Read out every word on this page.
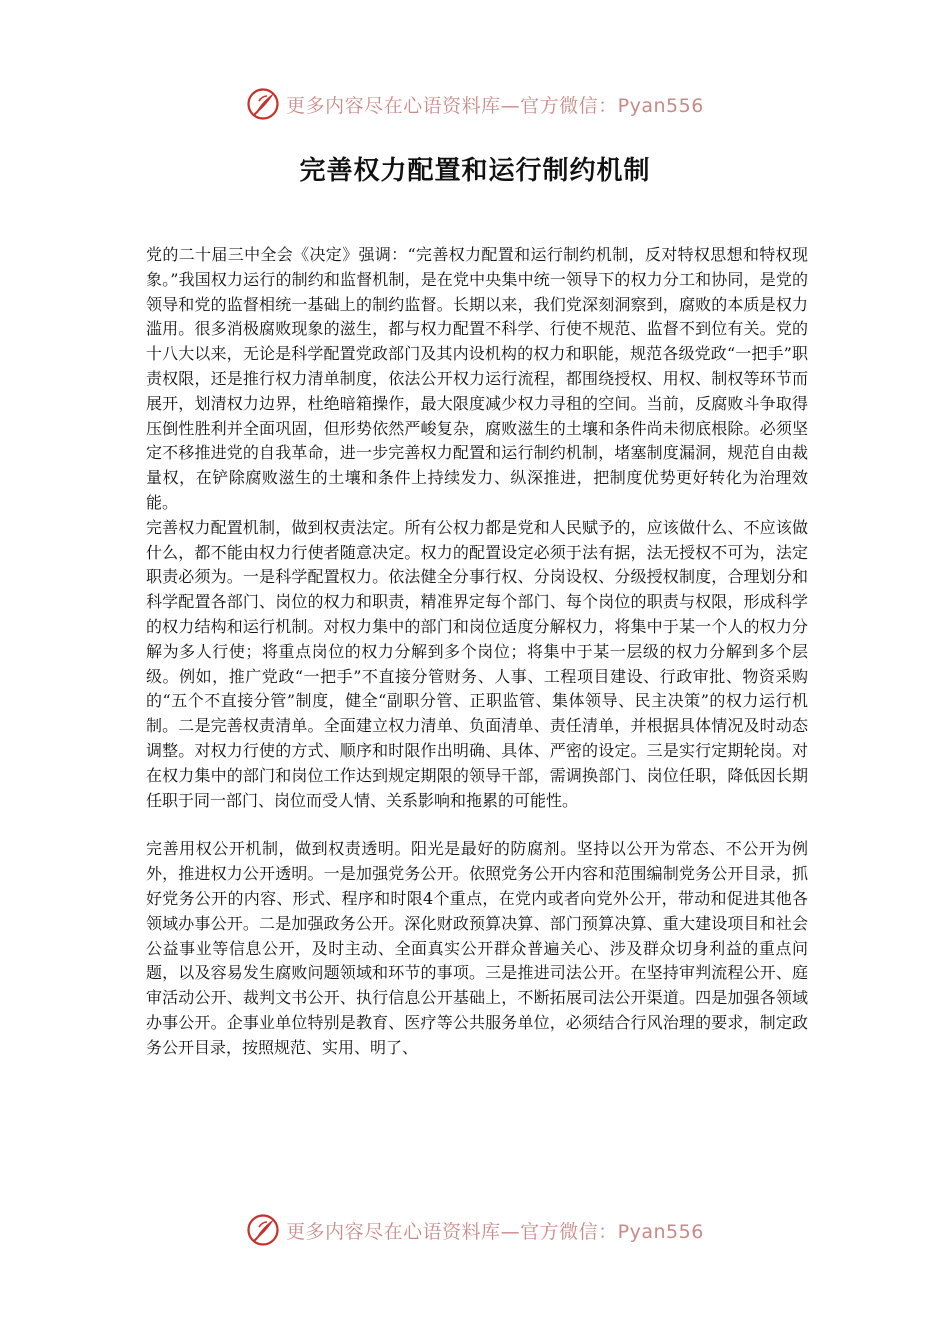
更多内容尽在心语资料库—官方微信：Pyan556
完善权力配置和运行制约机制

党的二十届三中全会《决定》强调：“完善权力配置和运行制约机制，反对特权思想和特权现象。”我国权力运行的制约和监督机制，是在党中央集中统一领导下的权力分工和协同，是党的领导和党的监督相统一基础上的制约监督。长期以来，我们党深刻洞察到，腐败的本质是权力滥用。很多消极腐败现象的滋生，都与权力配置不科学、行使不规范、监督不到位有关。党的十八大以来，无论是科学配置党政部门及其内设机构的权力和职能，规范各级党政“一把手”职责权限，还是推行权力清单制度，依法公开权力运行流程，都围绕授权、用权、制权等环节而展开，划清权力边界，杜绝暗箱操作，最大限度减少权力寻租的空间。当前，反腐败斗争取得压倒性胜利并全面巩固，但形势依然严峻复杂，腐败滋生的土壤和条件尚未彻底根除。必须坚定不移推进党的自我革命，进一步完善权力配置和运行制约机制，堵塞制度漏洞，规范自由裁量权，在铲除腐败滋生的土壤和条件上持续发力、纵深推进，把制度优势更好转化为治理效能。

完善权力配置机制，做到权责法定。所有公权力都是党和人民赋予的，应该做什么、不应该做什么，都不能由权力行使者随意决定。权力的配置设定必须于法有据，法无授权不可为，法定职责必须为。一是科学配置权力。依法健全分事行权、分岗设权、分级授权制度，合理划分和科学配置各部门、岗位的权力和职责，精准界定每个部门、每个岗位的职责与权限，形成科学的权力结构和运行机制。对权力集中的部门和岗位适度分解权力，将集中于某一个人的权力分解为多人行使；将重点岗位的权力分解到多个岗位；将集中于某一层级的权力分解到多个层级。例如，推广党政“一把手”不直接分管财务、人事、工程项目建设、行政审批、物资采购的“五个不直接分管”制度，健全“副职分管、正职监管、集体领导、民主决策”的权力运行机制。二是完善权责清单。全面建立权力清单、负面清单、责任清单，并根据具体情况及时动态调整。对权力行使的方式、顺序和时限作出明确、具体、严密的设定。三是实行定期轮岗。对在权力集中的部门和岗位工作达到规定期限的领导干部，需调换部门、岗位任职，降低因长期任职于同一部门、岗位而受人情、关系影响和拖累的可能性。

完善用权公开机制，做到权责透明。阳光是最好的防腐剂。坚持以公开为常态、不公开为例外，推进权力公开透明。一是加强党务公开。依照党务公开内容和范围编制党务公开目录，抓好党务公开的内容、形式、程序和时限4个重点，在党内或者向党外公开，带动和促进其他各领域办事公开。二是加强政务公开。深化财政预算决算、部门预算决算、重大建设项目和社会公益事业等信息公开，及时主动、全面真实公开群众普遍关心、涉及群众切身利益的重点问题，以及容易发生腐败问题领域和环节的事项。三是推进司法公开。在坚持审判流程公开、庭审活动公开、裁判文书公开、执行信息公开基础上，不断拓展司法公开渠道。四是加强各领域办事公开。企事业单位特别是教育、医疗等公共服务单位，必须结合行风治理的要求，制定政务公开目录，按照规范、实用、明了、

更多内容尽在心语资料库—官方微信：Pyan556
